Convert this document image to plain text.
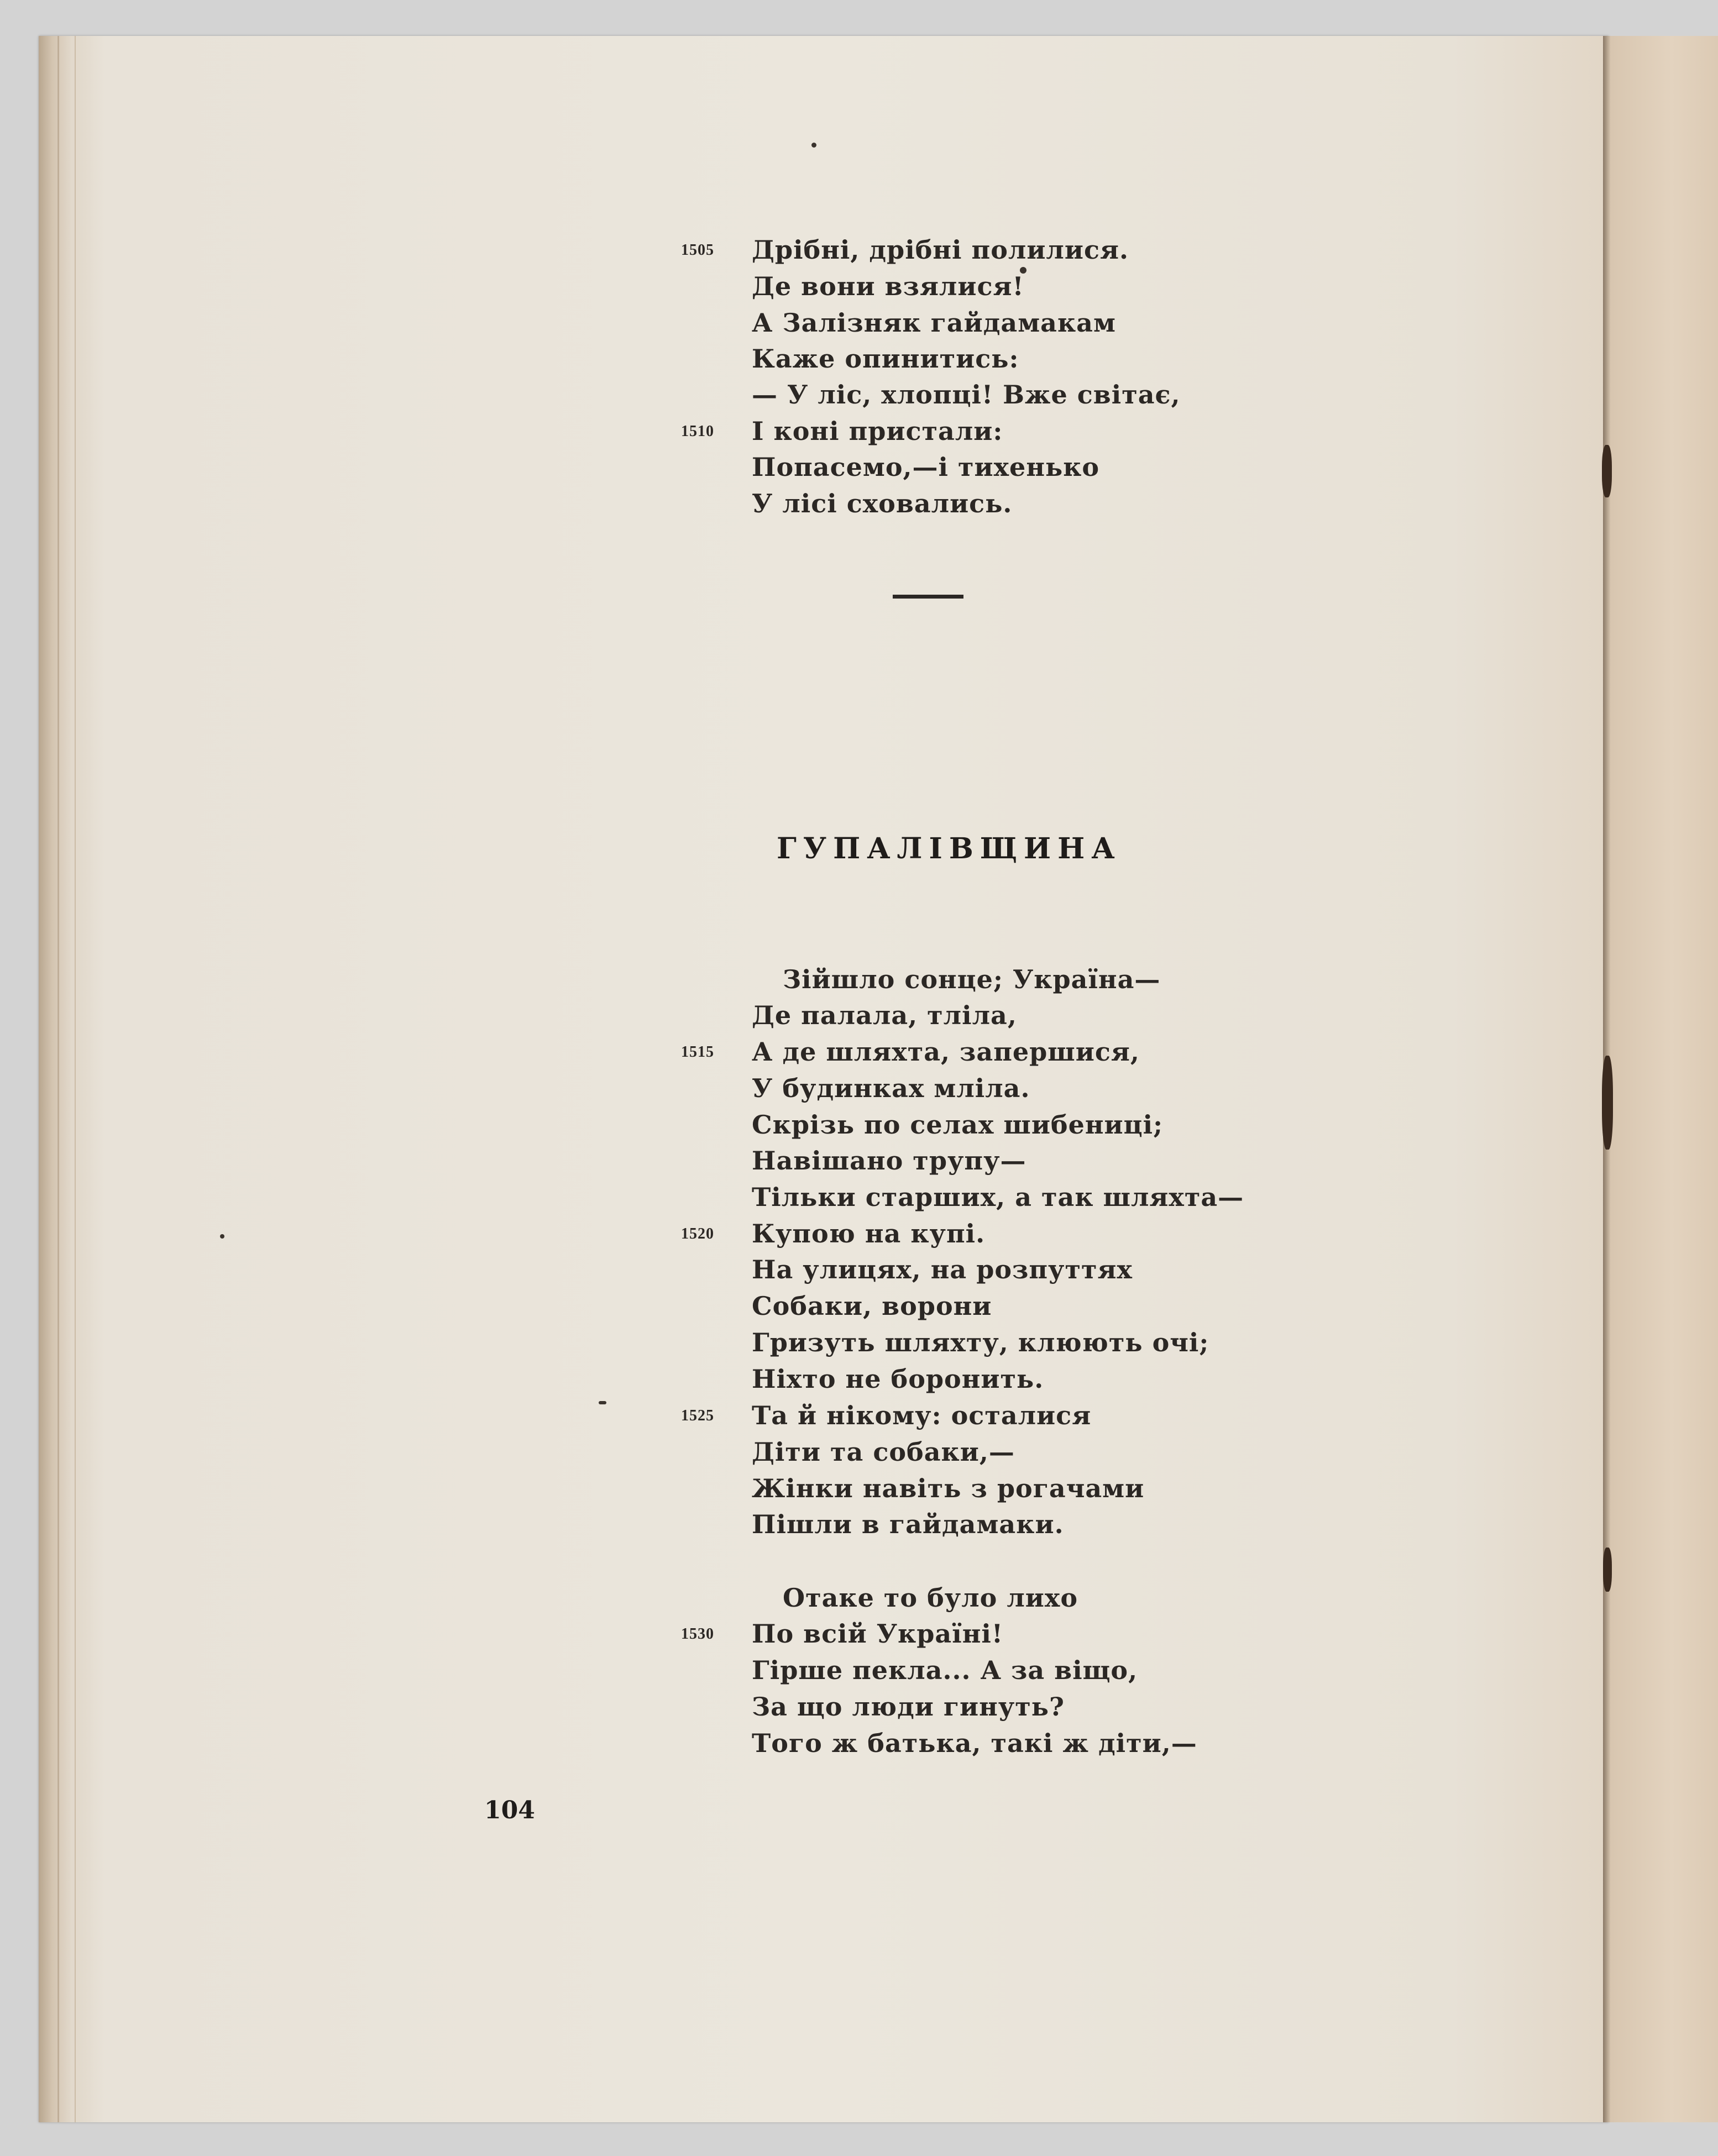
1505 Дрібні, дрібні полилися.
Де вони взялися!
А Залізняк гайдамакам
Каже опинитись:
— У ліс, хлопці! Вже світає,
1510 І коні пристали:
Попасемо,—і тихенько
У лісі сховались.
ГУПАЛІВЩИНА
Зійшло сонце; Україна—
Де палала, тліла,
1515 А де шляхта, запершися,
У будинках мліла.
Скрізь по селах шибениці;
Навішано трупу—
Тільки старших, а так шляхта—
1520 Купою на купі.
На улицях, на розпуттях
Собаки, ворони
Гризуть шляхту, клюють очі;
Ніхто не боронить.
1525 Та й нікому: осталися
Діти та собаки,—
Жінки навіть з рогачами
Пішли в гайдамаки.
Отаке то було лихо
1530 По всій Україні!
Гірше пекла... А за віщо,
За що люди гинуть?
Того ж батька, такі ж діти,—
104
